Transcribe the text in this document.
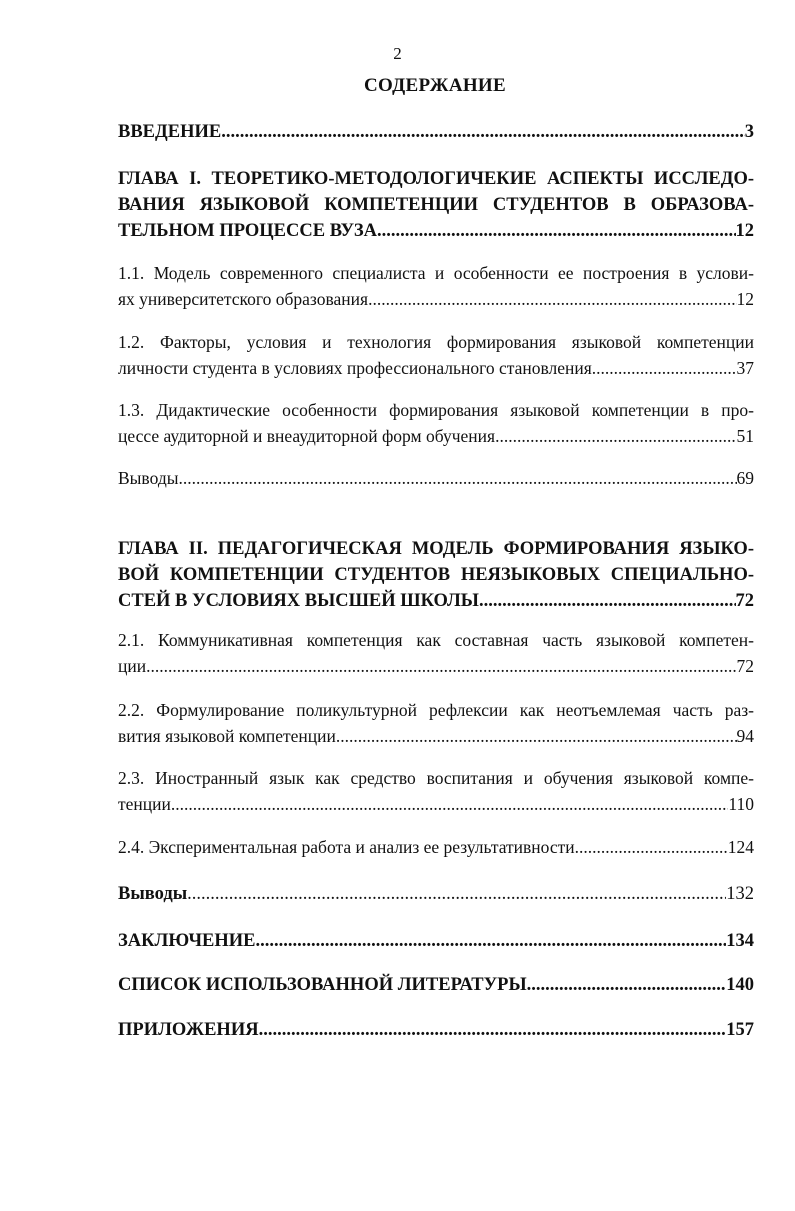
2
СОДЕРЖАНИЕ
ВВЕДЕНИЕ .....	3
ГЛАВА I. ТЕОРЕТИКО-МЕТОДОЛОГИЧЕКИЕ АСПЕКТЫ ИССЛЕДО-
ВАНИЯ ЯЗЫКОВОЙ КОМПЕТЕНЦИИ СТУДЕНТОВ В ОБРАЗОВА-
ТЕЛЬНОМ ПРОЦЕССЕ ВУЗА .....	12
1.1. Модель современного специалиста и особенности ее построения в услови-
ях университетского образования .....	12
1.2. Факторы, условия и технология формирования языковой компетенции
личности студента в условиях профессионального становления .....	37
1.3. Дидактические особенности формирования языковой компетенции в про-
цессе аудиторной и внеаудиторной форм обучения .....	51
Выводы .....	69
ГЛАВА II. ПЕДАГОГИЧЕСКАЯ МОДЕЛЬ ФОРМИРОВАНИЯ ЯЗЫКО-
ВОЙ КОМПЕТЕНЦИИ СТУДЕНТОВ НЕЯЗЫКОВЫХ СПЕЦИАЛЬНО-
СТЕЙ В УСЛОВИЯХ ВЫСШЕЙ ШКОЛЫ .....	72
2.1. Коммуникативная компетенция как составная часть языковой компетен-
ции .....	72
2.2. Формулирование поликультурной рефлексии как неотъемлемая часть раз-
вития языковой компетенции .....	94
2.3. Иностранный язык как средство воспитания и обучения языковой компе-
тенции .....	110
2.4. Экспериментальная работа и анализ ее результативности .....	124
Выводы .....	132
ЗАКЛЮЧЕНИЕ .....	134
СПИСОК ИСПОЛЬЗОВАННОЙ ЛИТЕРАТУРЫ .....	140
ПРИЛОЖЕНИЯ .....	157
